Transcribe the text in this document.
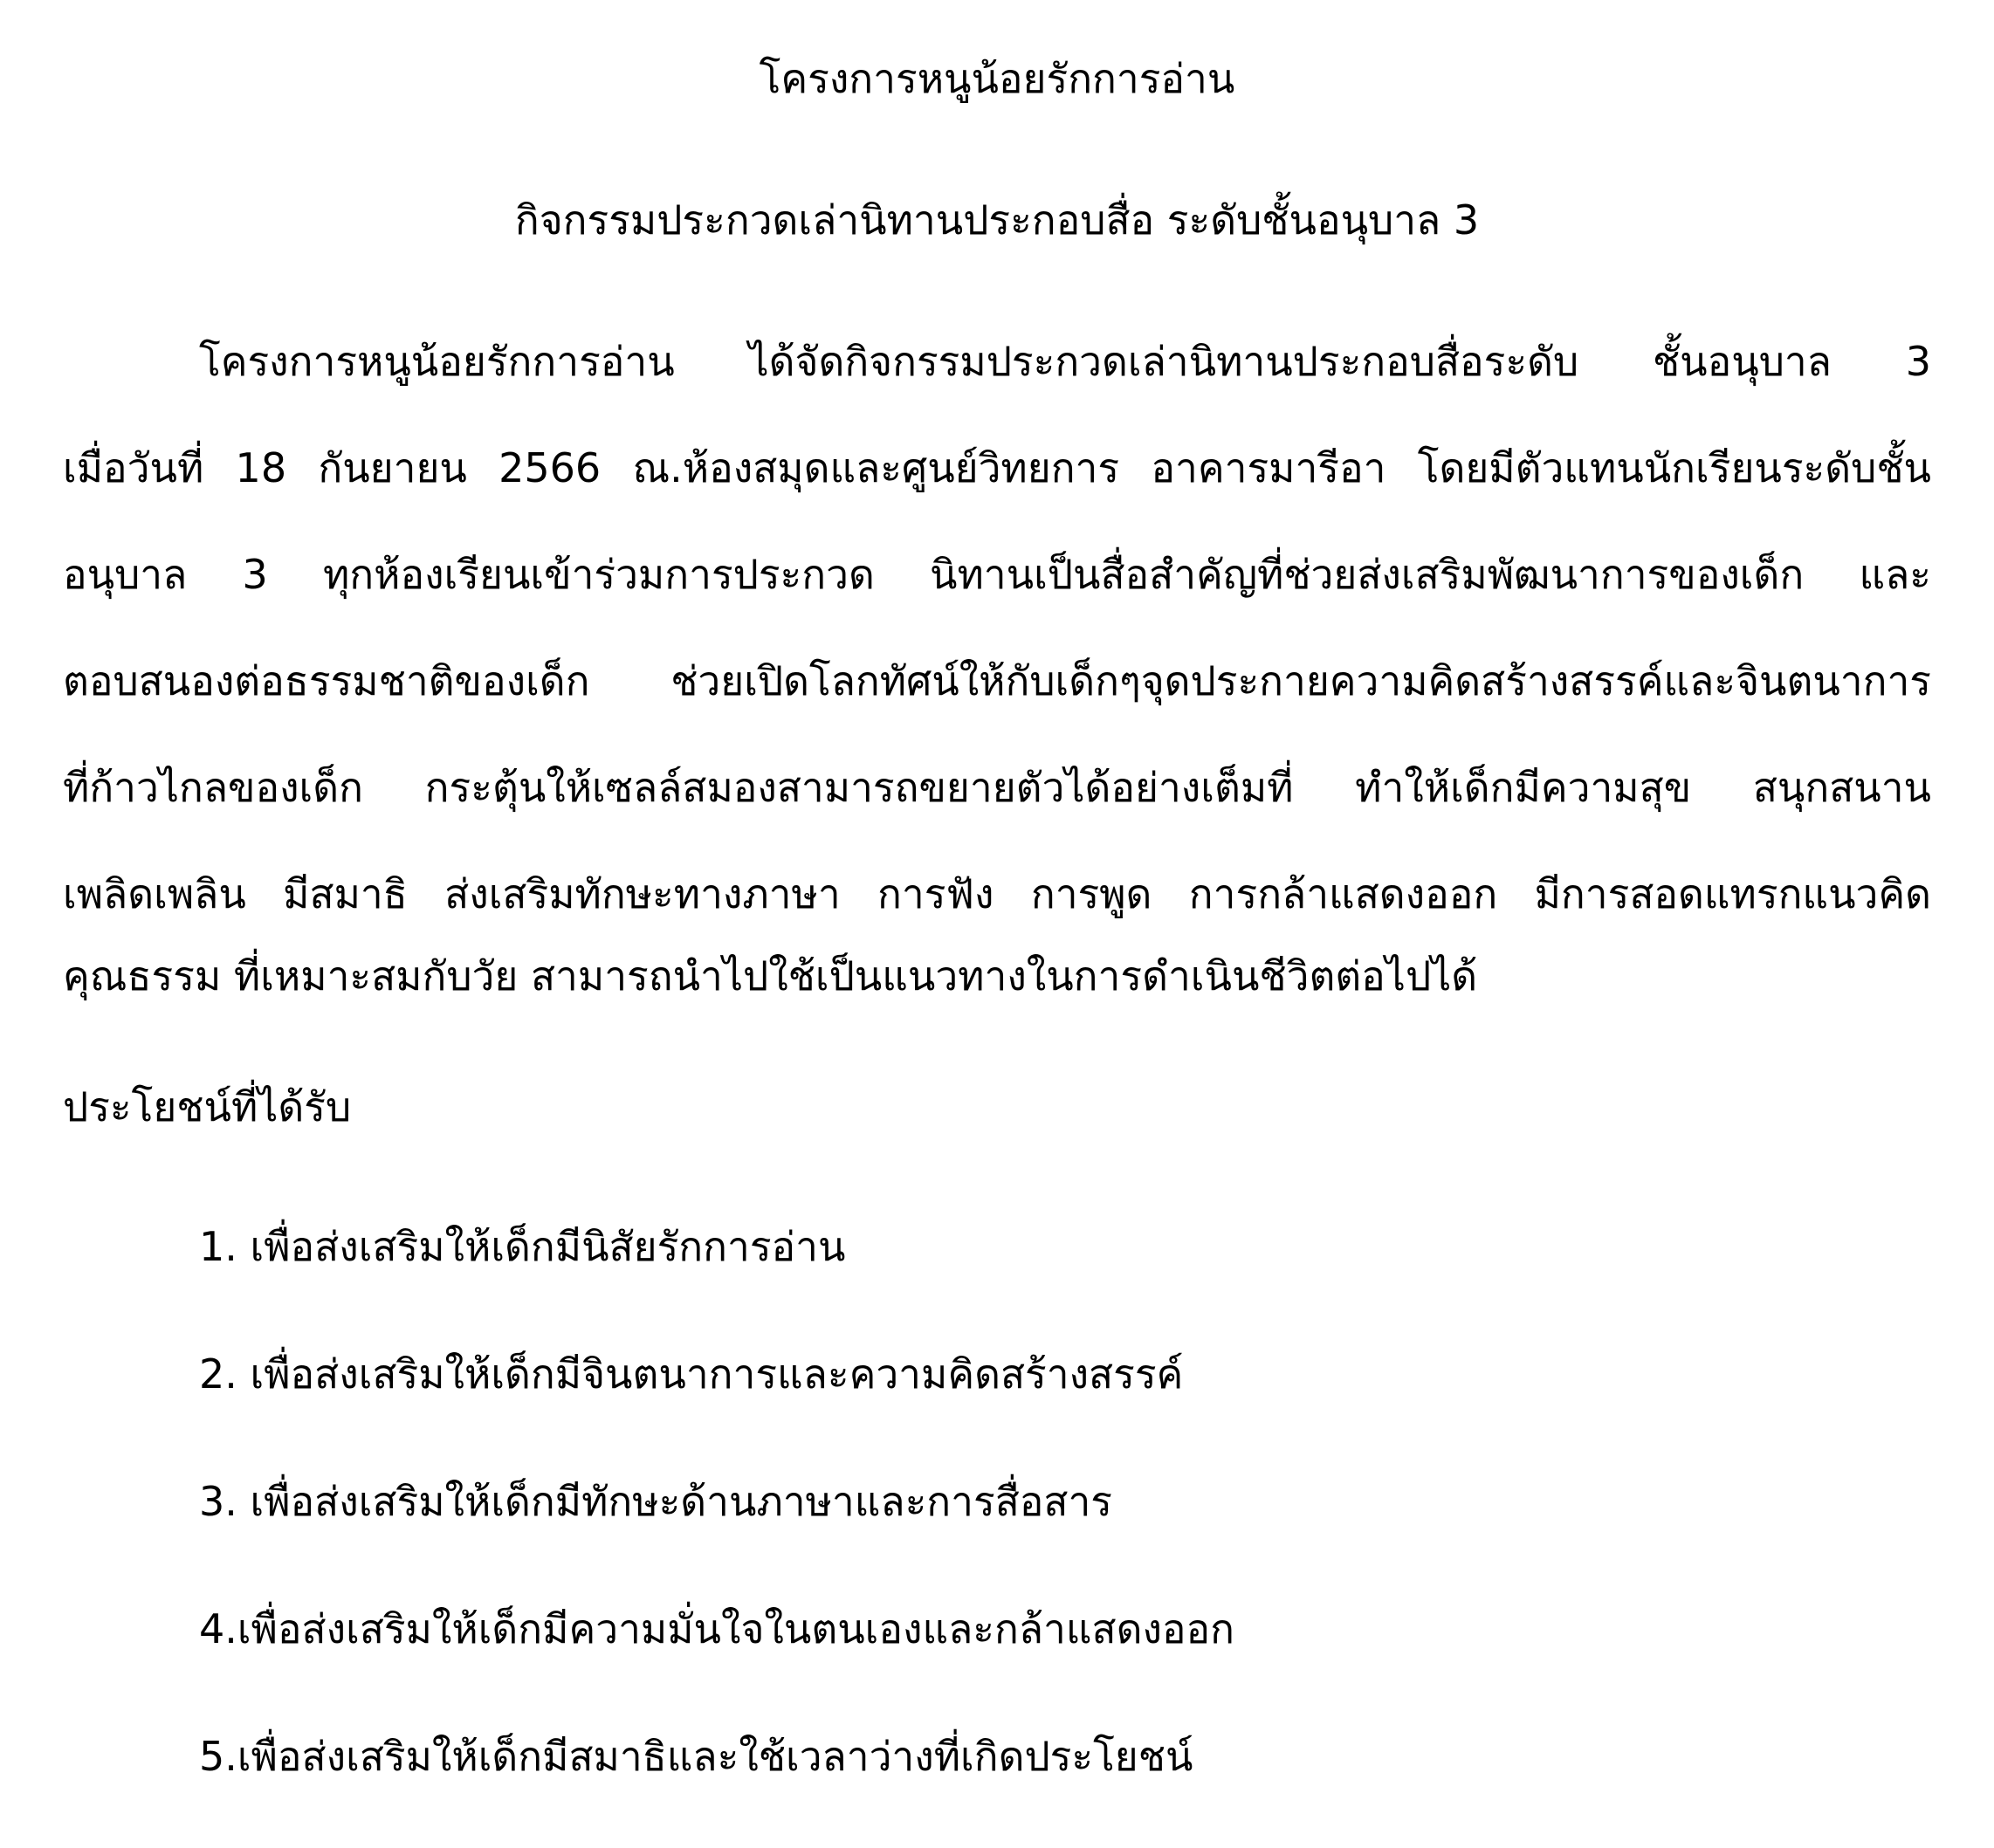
โครงการหนูน้อยรักการอ่าน
กิจกรรมประกวดเล่านิทานประกอบสื่อ ระดับชั้นอนุบาล 3
โครงการหนูน้อยรักการอ่าน ได้จัดกิจกรรมประกวดเล่านิทานประกอบสื่อระดับ ชั้นอนุบาล 3
เมื่อวันที่ 18 กันยายน 2566 ณ.ห้องสมุดและศูนย์วิทยการ อาคารมารีอา โดยมีตัวแทนนักเรียนระดับชั้น
อนุบาล 3 ทุกห้องเรียนเข้าร่วมการประกวด นิทานเป็นสื่อสำคัญที่ช่วยส่งเสริมพัฒนาการของเด็ก และ
ตอบสนองต่อธรรมชาติของเด็ก ช่วยเปิดโลกทัศน์ให้กับเด็กๆจุดประกายความคิดสร้างสรรค์และจินตนาการ
ที่ก้าวไกลของเด็ก กระตุ้นให้เซลล์สมองสามารถขยายตัวได้อย่างเต็มที่ ทำให้เด็กมีความสุข สนุกสนาน
เพลิดเพลิน มีสมาธิ ส่งเสริมทักษะทางภาษา การฟัง การพูด การกล้าแสดงออก มีการสอดแทรกแนวคิด
คุณธรรม ที่เหมาะสมกับวัย สามารถนำไปใช้เป็นแนวทางในการดำเนินชีวิตต่อไปได้
ประโยชน์ที่ได้รับ
1. เพื่อส่งเสริมให้เด็กมีนิสัยรักการอ่าน
2. เพื่อส่งเสริมให้เด็กมีจินตนาการและความคิดสร้างสรรค์
3. เพื่อส่งเสริมให้เด็กมีทักษะด้านภาษาและการสื่อสาร
4.เพื่อส่งเสริมให้เด็กมีความมั่นใจในตนเองและกล้าแสดงออก
5.เพื่อส่งเสริมให้เด็กมีสมาธิและใช้เวลาว่างที่เกิดประโยชน์
